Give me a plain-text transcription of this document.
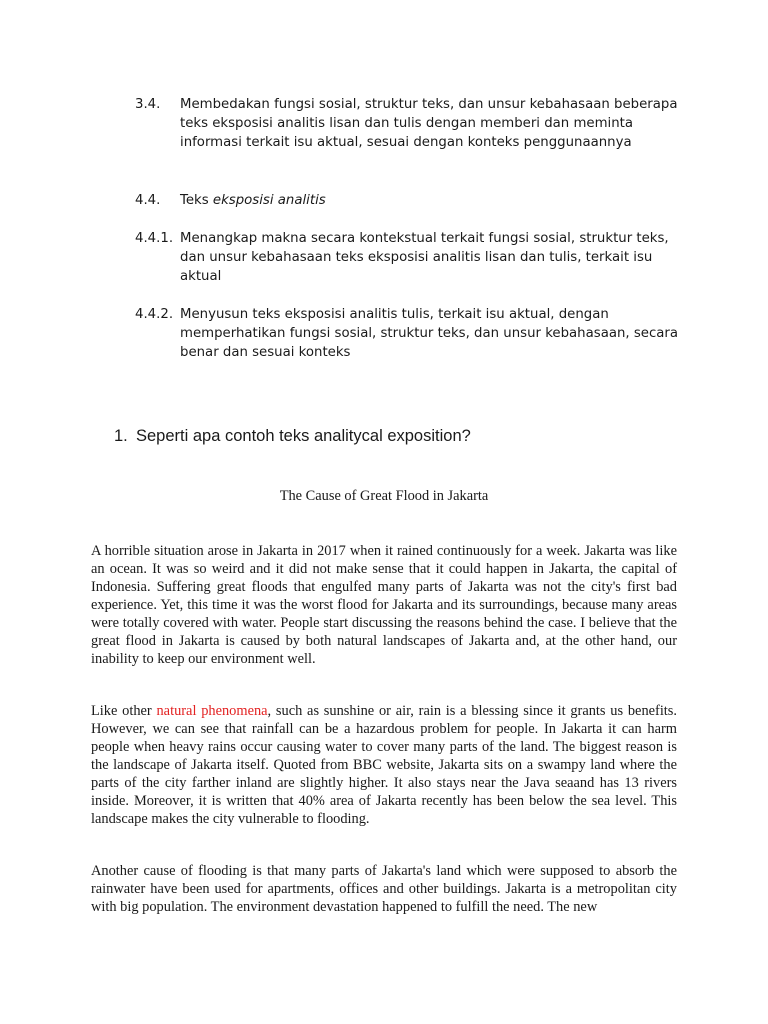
3.4. Membedakan fungsi sosial, struktur teks, dan unsur kebahasaan beberapa teks eksposisi analitis lisan dan tulis dengan memberi dan meminta informasi terkait isu aktual, sesuai dengan konteks penggunaannya
4.4. Teks eksposisi analitis
4.4.1. Menangkap makna secara kontekstual terkait fungsi sosial, struktur teks, dan unsur kebahasaan teks eksposisi analitis lisan dan tulis, terkait isu aktual
4.4.2. Menyusun teks eksposisi analitis tulis, terkait isu aktual, dengan memperhatikan fungsi sosial, struktur teks, dan unsur kebahasaan, secara benar dan sesuai konteks
1. Seperti apa contoh teks analitycal exposition?
The Cause of Great Flood in Jakarta

A horrible situation arose in Jakarta in 2017 when it rained continuously for a week. Jakarta was like an ocean. It was so weird and it did not make sense that it could happen in Jakarta, the capital of Indonesia. Suffering great floods that engulfed many parts of Jakarta was not the city's first bad experience. Yet, this time it was the worst flood for Jakarta and its surroundings, because many areas were totally covered with water. People start discussing the reasons behind the case. I believe that the great flood in Jakarta is caused by both natural landscapes of Jakarta and, at the other hand, our inability to keep our environment well.

Like other natural phenomena, such as sunshine or air, rain is a blessing since it grants us benefits. However, we can see that rainfall can be a hazardous problem for people. In Jakarta it can harm people when heavy rains occur causing water to cover many parts of the land. The biggest reason is the landscape of Jakarta itself. Quoted from BBC website, Jakarta sits on a swampy land where the parts of the city farther inland are slightly higher. It also stays near the Java seaand has 13 rivers inside. Moreover, it is written that 40% area of Jakarta recently has been below the sea level. This landscape makes the city vulnerable to flooding.

Another cause of flooding is that many parts of Jakarta's land which were supposed to absorb the rainwater have been used for apartments, offices and other buildings. Jakarta is a metropolitan city with big population. The environment devastation happened to fulfill the need. The new
